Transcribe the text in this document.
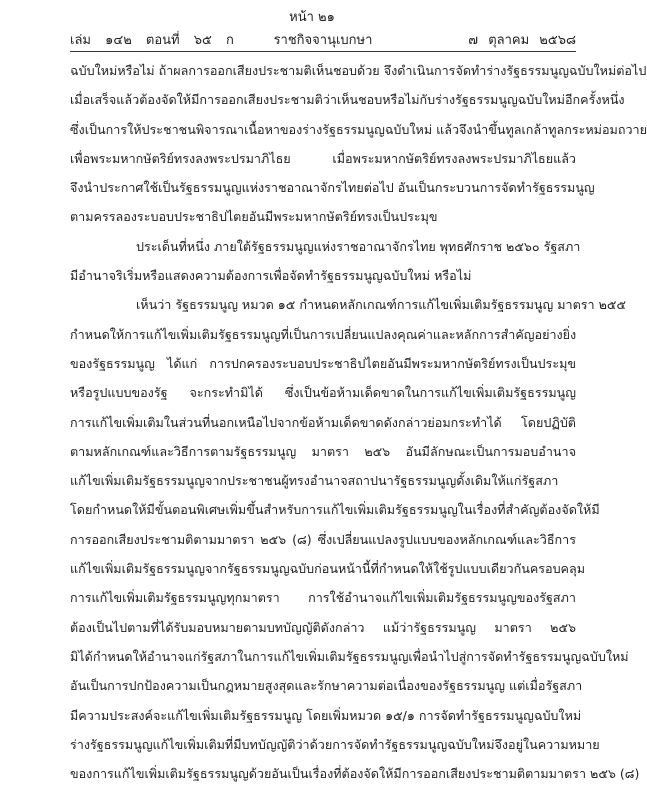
หน้า ๒๑
เล่ม ๑๔๒ ตอนที่ ๖๕ ก	ราชกิจจานุเบกษา	๗ ตุลาคม ๒๕๖๘
ฉบับใหม่หรือไม่ ถ้าผลการออกเสียงประชามติเห็นชอบด้วย จึงดำเนินการจัดทำร่างรัฐธรรมนูญฉบับใหม่ต่อไป
เมื่อเสร็จแล้วต้องจัดให้มีการออกเสียงประชามติว่าเห็นชอบหรือไม่กับร่างรัฐธรรมนูญฉบับใหม่อีกครั้งหนึ่ง
ซึ่งเป็นการให้ประชาชนพิจารณาเนื้อหาของร่างรัฐธรรมนูญฉบับใหม่ แล้วจึงนำขึ้นทูลเกล้าทูลกระหม่อมถวาย
เพื่อพระมหากษัตริย์ทรงลงพระปรมาภิไธย เมื่อพระมหากษัตริย์ทรงลงพระปรมาภิไธยแล้ว
จึงนำประกาศใช้เป็นรัฐธรรมนูญแห่งราชอาณาจักรไทยต่อไป อันเป็นกระบวนการจัดทำรัฐธรรมนูญ
ตามครรลองระบอบประชาธิปไตยอันมีพระมหากษัตริย์ทรงเป็นประมุข
ประเด็นที่หนึ่ง ภายใต้รัฐธรรมนูญแห่งราชอาณาจักรไทย พุทธศักราช ๒๕๖๐ รัฐสภา
มีอำนาจริเริ่มหรือแสดงความต้องการเพื่อจัดทำรัฐธรรมนูญฉบับใหม่ หรือไม่
เห็นว่า รัฐธรรมนูญ หมวด ๑๕ กำหนดหลักเกณฑ์การแก้ไขเพิ่มเติมรัฐธรรมนูญ มาตรา ๒๕๕
กำหนดให้การแก้ไขเพิ่มเติมรัฐธรรมนูญที่เป็นการเปลี่ยนแปลงคุณค่าและหลักการสำคัญอย่างยิ่ง
ของรัฐธรรมนูญ ได้แก่ การปกครองระบอบประชาธิปไตยอันมีพระมหากษัตริย์ทรงเป็นประมุข
หรือรูปแบบของรัฐ จะกระทำมิได้ ซึ่งเป็นข้อห้ามเด็ดขาดในการแก้ไขเพิ่มเติมรัฐธรรมนูญ
การแก้ไขเพิ่มเติมในส่วนที่นอกเหนือไปจากข้อห้ามเด็ดขาดดังกล่าวย่อมกระทำได้ โดยปฏิบัติ
ตามหลักเกณฑ์และวิธีการตามรัฐธรรมนูญ มาตรา ๒๕๖ อันมีลักษณะเป็นการมอบอำนาจ
แก้ไขเพิ่มเติมรัฐธรรมนูญจากประชาชนผู้ทรงอำนาจสถาปนารัฐธรรมนูญดั้งเดิมให้แก่รัฐสภา
โดยกำหนดให้มีขั้นตอนพิเศษเพิ่มขึ้นสำหรับการแก้ไขเพิ่มเติมรัฐธรรมนูญในเรื่องที่สำคัญต้องจัดให้มี
การออกเสียงประชามติตามมาตรา ๒๕๖ (๘) ซึ่งเปลี่ยนแปลงรูปแบบของหลักเกณฑ์และวิธีการ
แก้ไขเพิ่มเติมรัฐธรรมนูญจากรัฐธรรมนูญฉบับก่อนหน้านี้ที่กำหนดให้ใช้รูปแบบเดียวกันครอบคลุม
การแก้ไขเพิ่มเติมรัฐธรรมนูญทุกมาตรา การใช้อำนาจแก้ไขเพิ่มเติมรัฐธรรมนูญของรัฐสภา
ต้องเป็นไปตามที่ได้รับมอบหมายตามบทบัญญัติดังกล่าว แม้ว่ารัฐธรรมนูญ มาตรา ๒๕๖
มิได้กำหนดให้อำนาจแก่รัฐสภาในการแก้ไขเพิ่มเติมรัฐธรรมนูญเพื่อนำไปสู่การจัดทำรัฐธรรมนูญฉบับใหม่
อันเป็นการปกป้องความเป็นกฎหมายสูงสุดและรักษาความต่อเนื่องของรัฐธรรมนูญ แต่เมื่อรัฐสภา
มีความประสงค์จะแก้ไขเพิ่มเติมรัฐธรรมนูญ โดยเพิ่มหมวด ๑๕/๑ การจัดทำรัฐธรรมนูญฉบับใหม่
ร่างรัฐธรรมนูญแก้ไขเพิ่มเติมที่มีบทบัญญัติว่าด้วยการจัดทำรัฐธรรมนูญฉบับใหม่จึงอยู่ในความหมาย
ของการแก้ไขเพิ่มเติมรัฐธรรมนูญด้วยอันเป็นเรื่องที่ต้องจัดให้มีการออกเสียงประชามติตามมาตรา ๒๕๖ (๘)
